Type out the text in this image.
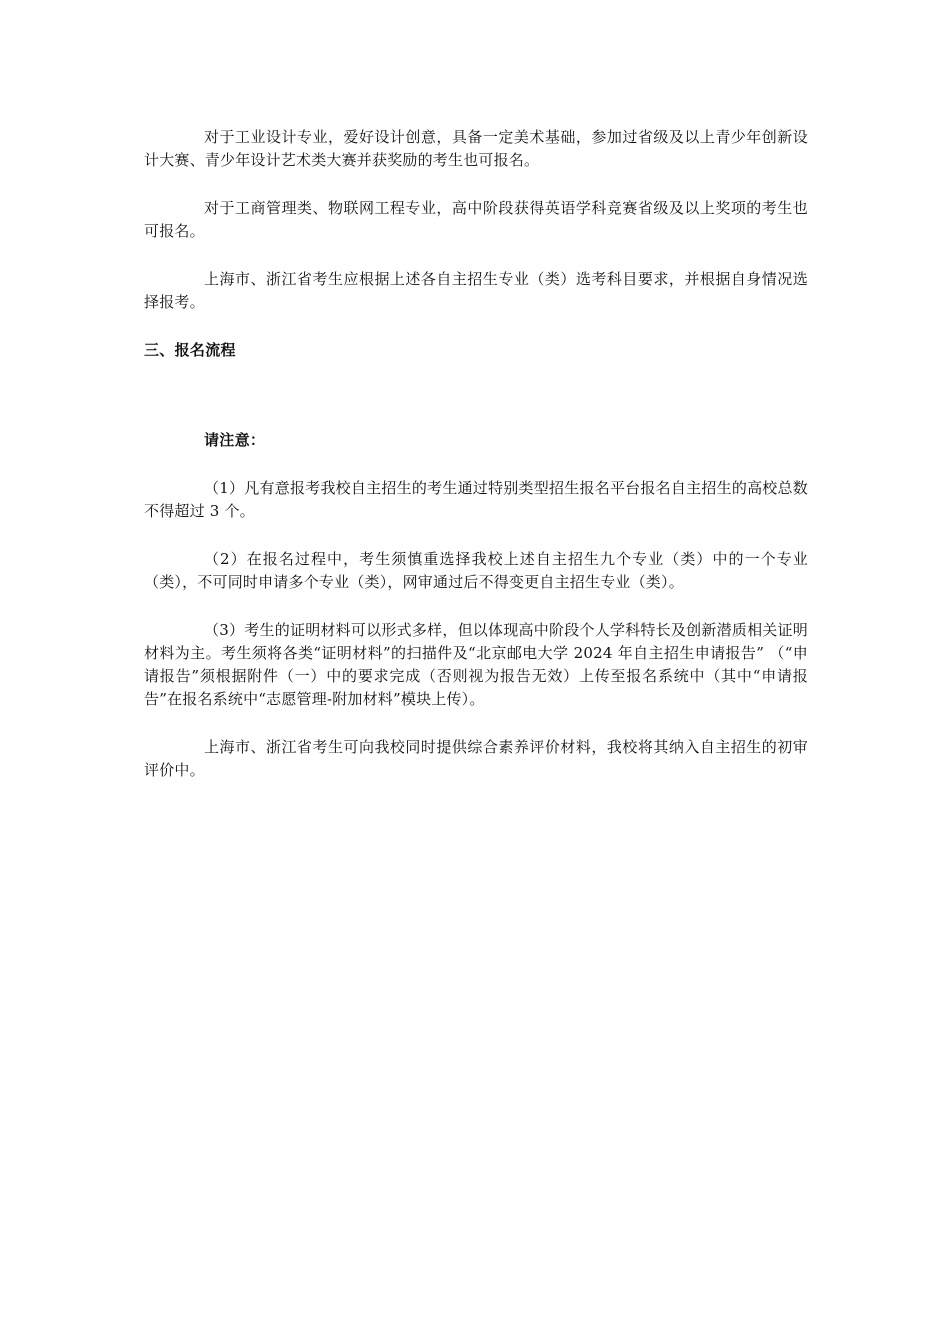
对于工业设计专业，爱好设计创意，具备一定美术基础，参加过省级及以上青少年创新设计大赛、青少年设计艺术类大赛并获奖励的考生也可报名。

对于工商管理类、物联网工程专业，高中阶段获得英语学科竞赛省级及以上奖项的考生也可报名。

上海市、浙江省考生应根据上述各自主招生专业（类）选考科目要求，并根据自身情况选择报考。

三、报名流程
请注意：

（1）凡有意报考我校自主招生的考生通过特别类型招生报名平台报名自主招生的高校总数不得超过 3 个。

（2）在报名过程中，考生须慎重选择我校上述自主招生九个专业（类）中的一个专业（类），不可同时申请多个专业（类），网审通过后不得变更自主招生专业（类）。

（3）考生的证明材料可以形式多样，但以体现高中阶段个人学科特长及创新潜质相关证明材料为主。考生须将各类“证明材料”的扫描件及“北京邮电大学 2024 年自主招生申请报告” （“申请报告”须根据附件（一）中的要求完成（否则视为报告无效）上传至报名系统中（其中“申请报告”在报名系统中“志愿管理-附加材料”模块上传）。

上海市、浙江省考生可向我校同时提供综合素养评价材料，我校将其纳入自主招生的初审评价中。
